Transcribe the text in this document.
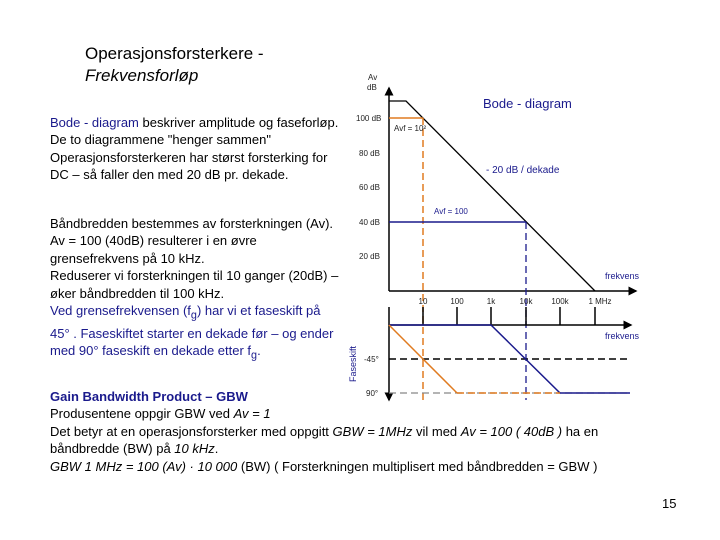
Operasjonsforsterkere -
Frekvensforløp
Bode - diagram beskriver amplitude og faseforløp. De to diagrammene "henger sammen"
Operasjonsforsterkeren har størst forsterking for DC – så faller den med 20 dB pr. dekade.
Båndbredden bestemmes av forsterkningen (Av). Av = 100 (40dB) resulterer i en øvre grensefrekvens på 10 kHz.
Reduserer vi forsterkningen til 10 ganger (20dB) – øker båndbredden til 100 kHz.
Ved grensefrekvensen $(f_g)$ har vi et faseskift på 45° . Faseskiftet starter en dekade før – og ender med 90° faseskift en dekade etter $f_g$.
Gain Bandwidth Product – GBW
Produsentene oppgir GBW ved Av = 1
Det betyr at en operasjonsforsterker med oppgitt GBW = 1MHz vil med Av = 100 ( 40dB ) ha en båndbredde (BW) på 10 kHz.
GBW 1 MHz = 100 (Av) · 10 000 (BW) ( Forsterkningen multiplisert med båndbredden = GBW )
15
Av
dB
100 dB
80 dB
60 dB
40 dB
20 dB
Avf = 10²
Avf = 100
Bode - diagram
- 20 dB / dekade
frekvens
10	100	1k	10k 100k 1 MHz
frekvens
Faseskift -45°
90°
